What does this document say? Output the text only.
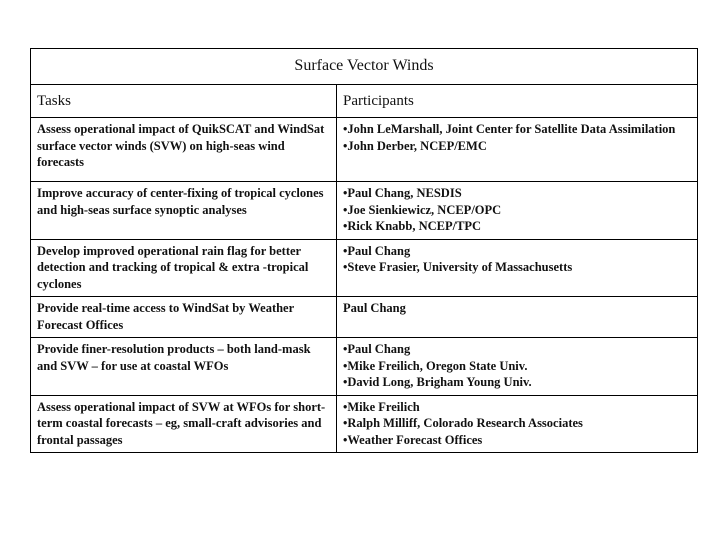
Surface Vector Winds	
Tasks	Participants
Assess operational impact of QuikSCAT and WindSat surface vector winds (SVW) on high-seas wind forecasts	•John LeMarshall, Joint Center for Satellite Data Assimilation
•John Derber, NCEP/EMC

Improve accuracy of center-fixing of tropical cyclones and high-seas surface synoptic analyses	•Paul Chang, NESDIS
•Joe Sienkiewicz, NCEP/OPC
•Rick Knabb, NCEP/TPC

Develop improved operational rain flag for better detection and tracking of tropical & extra -tropical cyclones	•Paul Chang
•Steve Frasier, University of Massachusetts

Provide real-time access to WindSat by Weather Forecast Offices	Paul Chang

Provide finer-resolution products – both land-mask and SVW – for use at coastal WFOs	•Paul Chang
•Mike Freilich, Oregon State Univ.
•David Long, Brigham Young Univ.

Assess operational impact of SVW at WFOs for short-term coastal forecasts – eg, small-craft advisories and frontal passages	•Mike Freilich
•Ralph Milliff, Colorado Research Associates
•Weather Forecast Offices
